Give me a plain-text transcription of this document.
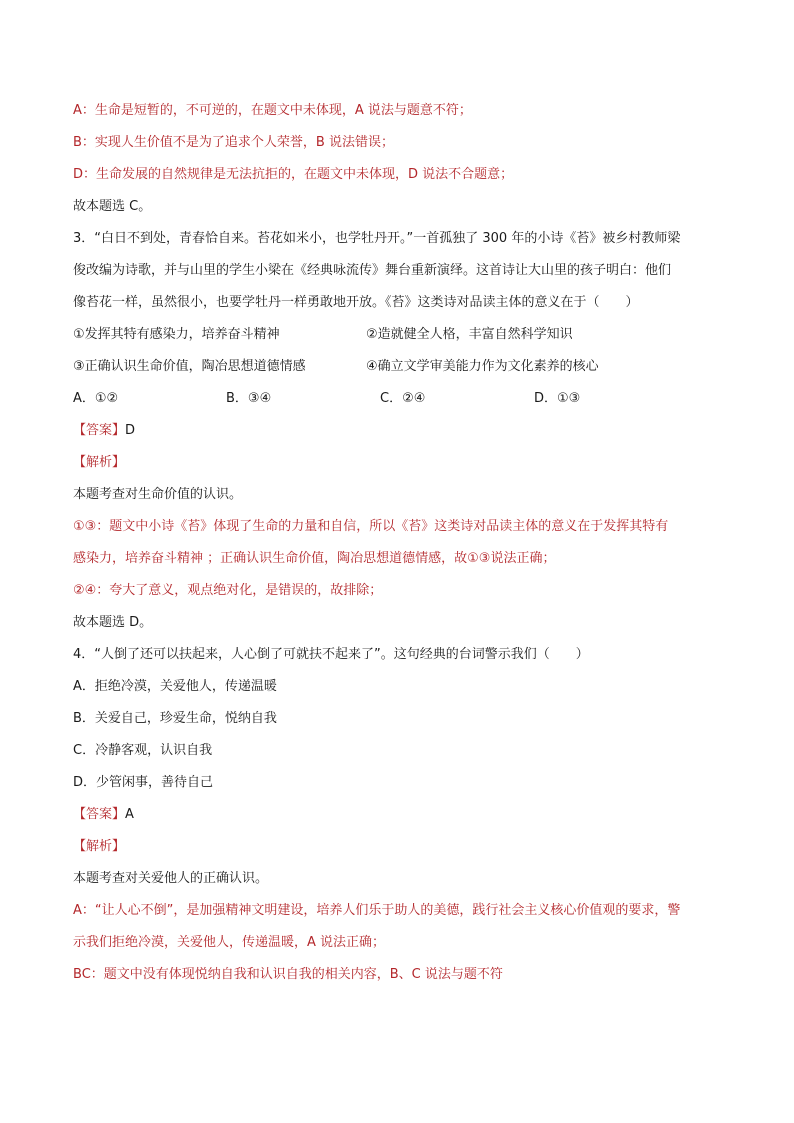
A：生命是短暂的，不可逆的，在题文中未体现，A 说法与题意不符；
B：实现人生价值不是为了追求个人荣誉，B 说法错误；
D：生命发展的自然规律是无法抗拒的，在题文中未体现，D 说法不合题意；
故本题选 C。
3．“白日不到处，青春恰自来。苔花如米小，也学牡丹开。”一首孤独了 300 年的小诗《苔》被乡村教师梁
俊改编为诗歌，并与山里的学生小梁在《经典咏流传》舞台重新演绎。这首诗让大山里的孩子明白：他们
像苔花一样，虽然很小，也要学牡丹一样勇敢地开放。《苔》这类诗对品读主体的意义在于（　　）
①发挥其特有感染力，培养奋斗精神	②造就健全人格，丰富自然科学知识
③正确认识生命价值，陶冶思想道德情感	④确立文学审美能力作为文化素养的核心
A．①②	B．③④	C．②④	D．①③
【答案】D
【解析】
本题考查对生命价值的认识。
①③：题文中小诗《苔》体现了生命的力量和自信，所以《苔》这类诗对品读主体的意义在于发挥其特有
感染力，培养奋斗精神 ；正确认识生命价值，陶冶思想道德情感，故①③说法正确；
②④：夸大了意义，观点绝对化，是错误的，故排除；
故本题选 D。
4．“人倒了还可以扶起来，人心倒了可就扶不起来了”。这句经典的台词警示我们（　　）
A．拒绝冷漠，关爱他人，传递温暖
B．关爱自己，珍爱生命，悦纳自我
C．冷静客观，认识自我
D．少管闲事，善待自己
【答案】A
【解析】
本题考查对关爱他人的正确认识。
A：“让人心不倒”，是加强精神文明建设，培养人们乐于助人的美德，践行社会主义核心价值观的要求，警
示我们拒绝冷漠，关爱他人，传递温暖，A 说法正确；
BC：题文中没有体现悦纳自我和认识自我的相关内容，B、C 说法与题不符
